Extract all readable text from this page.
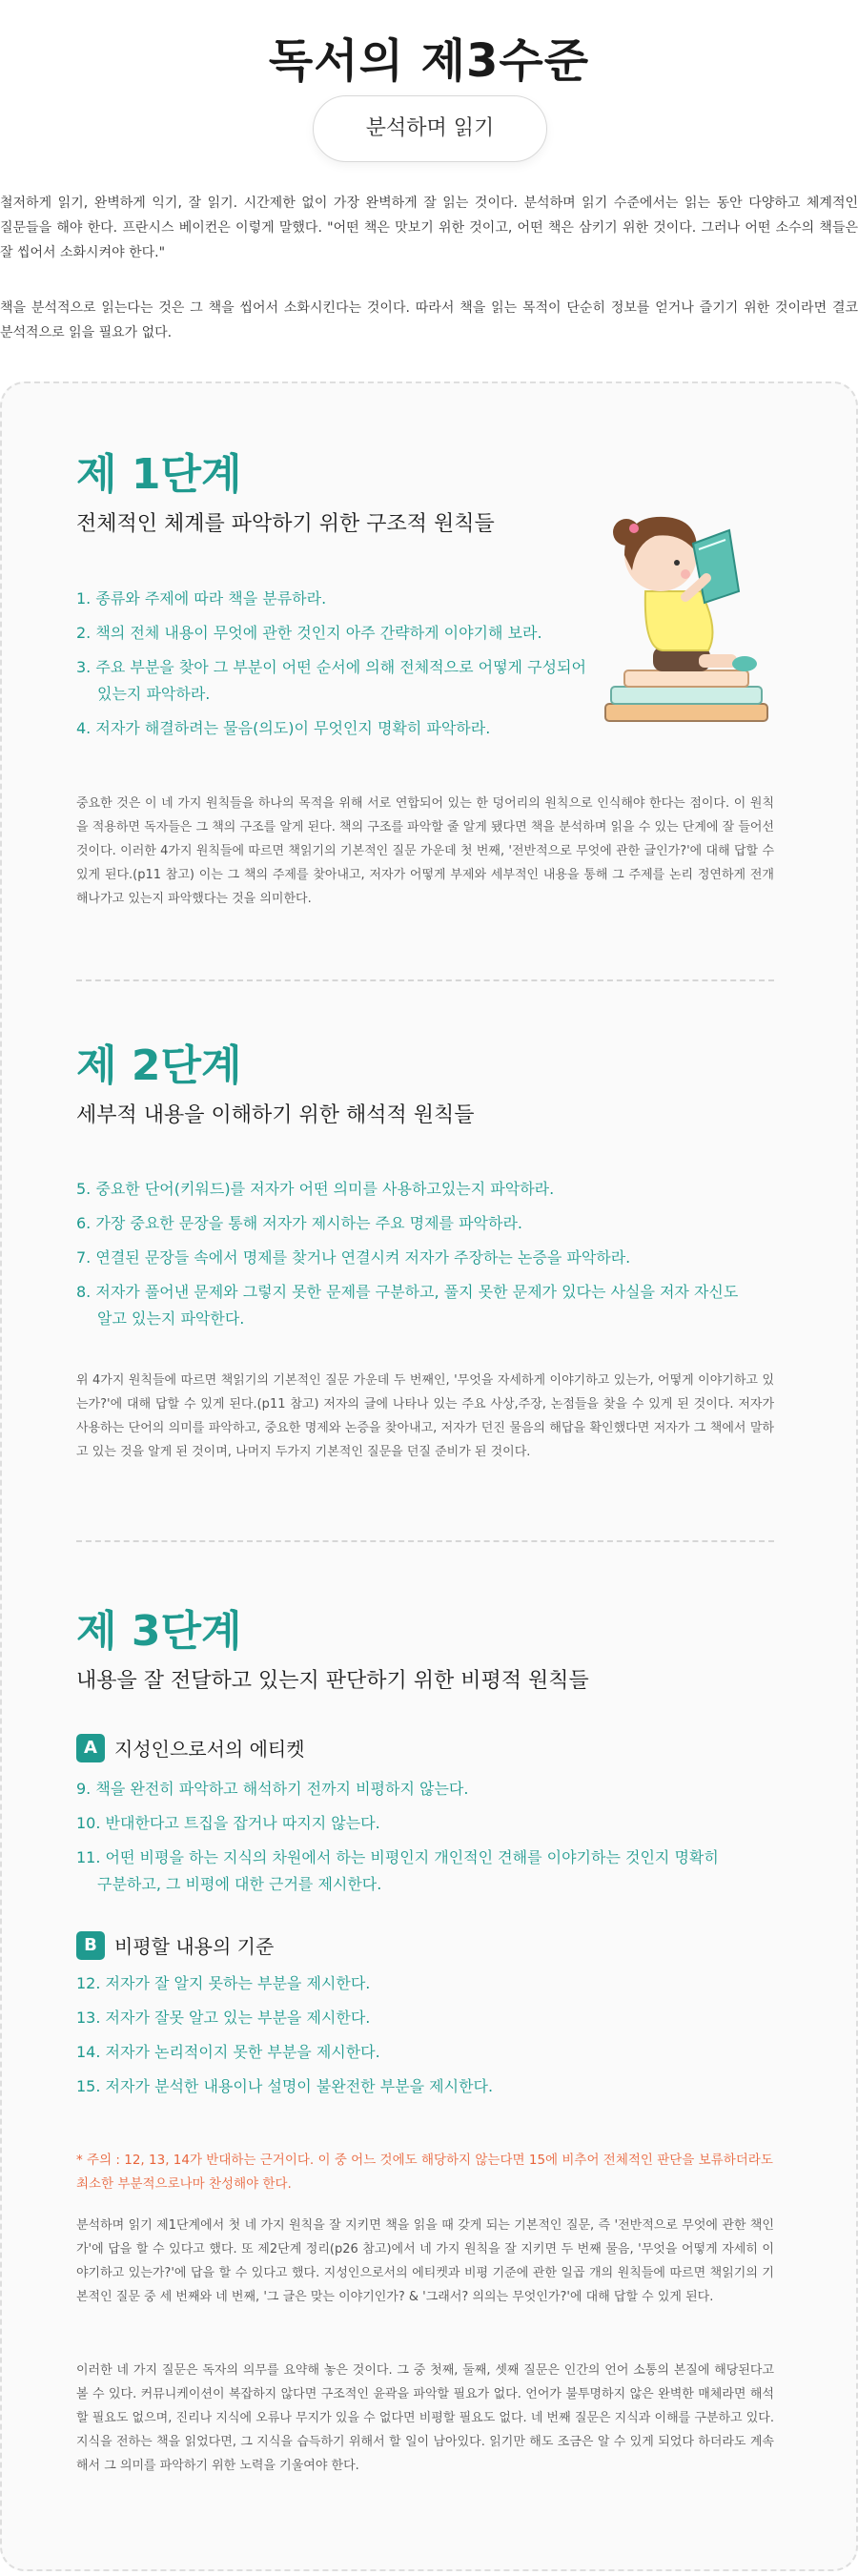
독서의 제3수준
분석하며 읽기

철저하게 읽기, 완벽하게 익기, 잘 읽기. 시간제한 없이 가장 완벽하게 잘 읽는 것이다. 분석하며 읽기 수준에서는 읽는 동안 다양하고 체계적인 질문들을 해야 한다. 프란시스 베이컨은 이렇게 말했다. "어떤 책은 맛보기 위한 것이고, 어떤 책은 삼키기 위한 것이다. 그러나 어떤 소수의 책들은 잘 씹어서 소화시켜야 한다."

책을 분석적으로 읽는다는 것은 그 책을 씹어서 소화시킨다는 것이다. 따라서 책을 읽는 목적이 단순히 정보를 얻거나 즐기기 위한 것이라면 결코 분석적으로 읽을 필요가 없다.

제 1단계

전체적인 체계를 파악하기 위한 구조적 원칙들

1. 종류와 주제에 따라 책을 분류하라.
2. 책의 전체 내용이 무엇에 관한 것인지 아주 간략하게 이야기해 보라.
3. 주요 부분을 찾아 그 부분이 어떤 순서에 의해 전체적으로 어떻게 구성되어
있는지 파악하라.
4. 저자가 해결하려는 물음(의도)이 무엇인지 명확히 파악하라.

중요한 것은 이 네 가지 원칙들을 하나의 목적을 위해 서로 연합되어 있는 한 덩어리의 원칙으로 인식해야 한다는 점이다. 이 원칙을 적용하면 독자들은 그 책의 구조를 알게 된다. 책의 구조를 파악할 줄 알게 됐다면 책을 분석하며 읽을 수 있는 단계에 잘 들어선 것이다. 이러한 4가지 원칙들에 따르면 책읽기의 기본적인 질문 가운데 첫 번째, '전반적으로 무엇에 관한 글인가?'에 대해 답할 수 있게 된다.(p11 참고) 이는 그 책의 주제를 찾아내고, 저자가 어떻게 부제와 세부적인 내용을 통해 그 주제를 논리 정연하게 전개해나가고 있는지 파악했다는 것을 의미한다.

제 2단계

세부적 내용을 이해하기 위한 해석적 원칙들

5. 중요한 단어(키워드)를 저자가 어떤 의미를 사용하고있는지 파악하라.
6. 가장 중요한 문장을 통해 저자가 제시하는 주요 명제를 파악하라.
7. 연결된 문장들 속에서 명제를 찾거나 연결시켜 저자가 주장하는 논증을 파악하라.
8. 저자가 풀어낸 문제와 그렇지 못한 문제를 구분하고, 풀지 못한 문제가 있다는 사실을 저자 자신도
알고 있는지 파악한다.

위 4가지 원칙들에 따르면 책읽기의 기본적인 질문 가운데 두 번째인, '무엇을 자세하게 이야기하고 있는가, 어떻게 이야기하고 있는가?'에 대해 답할 수 있게 된다.(p11 참고) 저자의 글에 나타나 있는 주요 사상,주장, 논점들을 찾을 수 있게 된 것이다. 저자가 사용하는 단어의 의미를 파악하고, 중요한 명제와 논증을 찾아내고, 저자가 던진 물음의 해답을 확인했다면 저자가 그 책에서 말하고 있는 것을 알게 된 것이며, 나머지 두가지 기본적인 질문을 던질 준비가 된 것이다.

제 3단계

내용을 잘 전달하고 있는지 판단하기 위한 비평적 원칙들

A 지성인으로서의 에티켓
9. 책을 완전히 파악하고 해석하기 전까지 비평하지 않는다.
10. 반대한다고 트집을 잡거나 따지지 않는다.
11. 어떤 비평을 하는 지식의 차원에서 하는 비평인지 개인적인 견해를 이야기하는 것인지 명확히
구분하고, 그 비평에 대한 근거를 제시한다.
B 비평할 내용의 기준
12. 저자가 잘 알지 못하는 부분을 제시한다.
13. 저자가 잘못 알고 있는 부분을 제시한다.
14. 저자가 논리적이지 못한 부분을 제시한다.
15. 저자가 분석한 내용이나 설명이 불완전한 부분을 제시한다.

* 주의 : 12, 13, 14가 반대하는 근거이다. 이 중 어느 것에도 해당하지 않는다면 15에 비추어 전체적인 판단을 보류하더라도 최소한 부분적으로나마 찬성해야 한다.

분석하며 읽기 제1단계에서 첫 네 가지 원칙을 잘 지키면 책을 읽을 때 갖게 되는 기본적인 질문, 즉 '전반적으로 무엇에 관한 책인가'에 답을 할 수 있다고 했다. 또 제2단계 정리(p26 참고)에서 네 가지 원칙을 잘 지키면 두 번째 물음, '무엇을 어떻게 자세히 이야기하고 있는가?'에 답을 할 수 있다고 했다. 지성인으로서의 에티켓과 비평 기준에 관한 일곱 개의 원칙들에 따르면 책읽기의 기본적인 질문 중 세 번째와 네 번째, '그 글은 맞는 이야기인가? & '그래서? 의의는 무엇인가?'에 대해 답할 수 있게 된다.

이러한 네 가지 질문은 독자의 의무를 요약해 놓은 것이다. 그 중 첫째, 둘째, 셋째 질문은 인간의 언어 소통의 본질에 해당된다고 볼 수 있다. 커뮤니케이션이 복잡하지 않다면 구조적인 윤곽을 파악할 필요가 없다. 언어가 불투명하지 않은 완벽한 매체라면 해석할 필요도 없으며, 진리나 지식에 오류나 무지가 있을 수 없다면 비평할 필요도 없다. 네 번째 질문은 지식과 이해를 구분하고 있다. 지식을 전하는 책을 읽었다면, 그 지식을 습득하기 위해서 할 일이 남아있다. 읽기만 해도 조금은 알 수 있게 되었다 하더라도 계속해서 그 의미를 파악하기 위한 노력을 기울여야 한다.
